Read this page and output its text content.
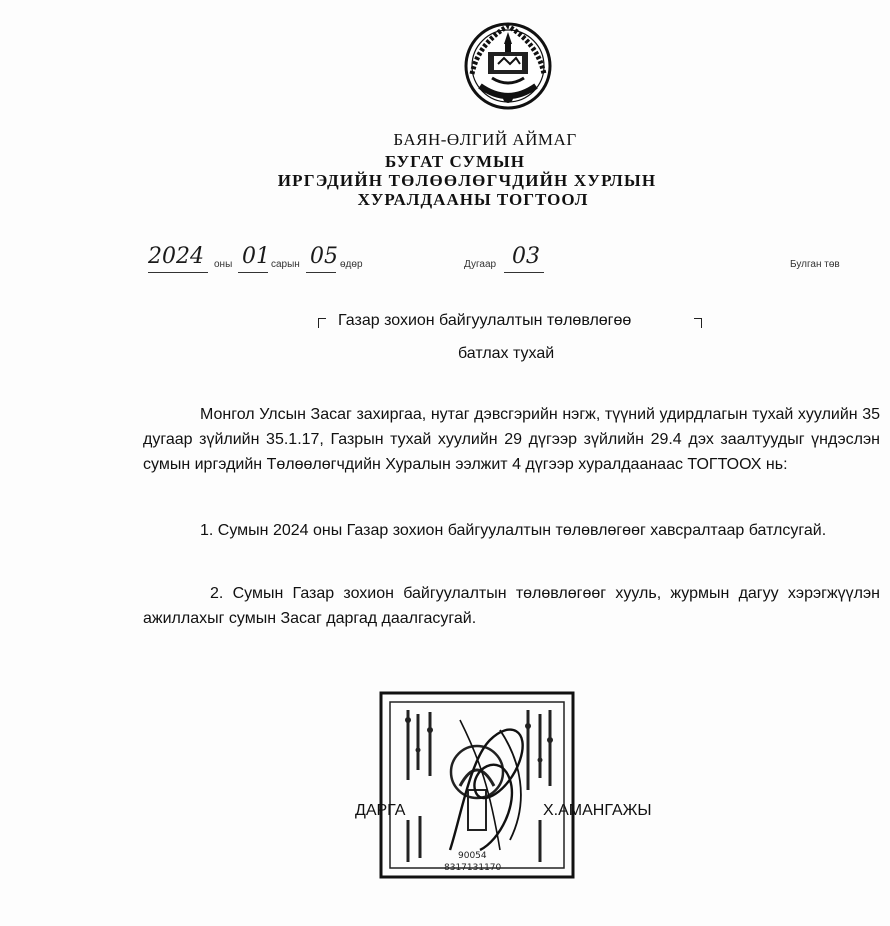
БАЯН-ӨЛГИЙ АЙМАГ
БУГАТ СУМЫН
ИРГЭДИЙН ТӨЛӨӨЛӨГЧДИЙН ХУРЛЫН
ХУРАЛДААНЫ ТОГТООЛ
2024 оны 01 сарын 05 өдөр	Дугаар 03	Булган төв
Газар зохион байгуулалтын төлөвлөгөө
батлах тухай
Монгол Улсын Засаг захиргаа, нутаг дэвсгэрийн нэгж, түүний удирдлагын тухай хуулийн 35 дугаар зүйлийн 35.1.17, Газрын тухай хуулийн 29 дүгээр зүйлийн 29.4 дэх заалтуудыг үндэслэн сумын иргэдийн Төлөөлөгчдийн Хуралын ээлжит 4 дүгээр хуралдаанаас ТОГТООХ нь:
1. Сумын 2024 оны Газар зохион байгуулалтын төлөвлөгөөг хавсралтаар батлсугай.
2. Сумын Газар зохион байгуулалтын төлөвлөгөөг хууль, журмын дагуу хэрэгжүүлэн ажиллахыг сумын Засаг даргад даалгасугай.
90054
8317131170
ДАРГА	Х.АМАНГАЖЫ
